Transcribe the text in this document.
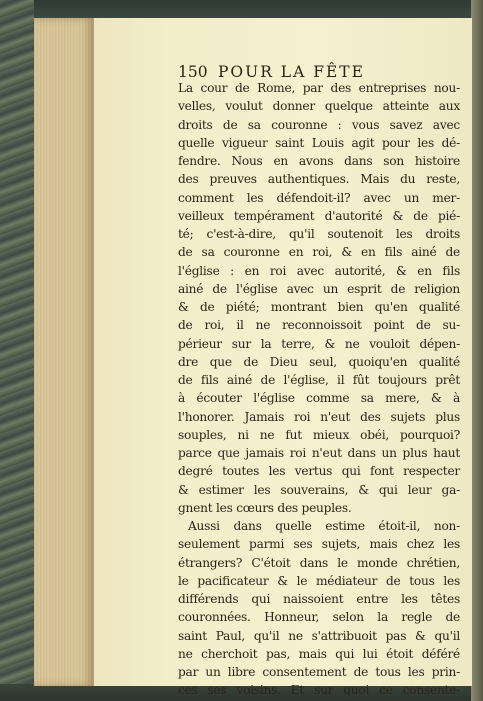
150 POUR LA FÊTE
La cour de Rome, par des entreprises nou-
velles, voulut donner quelque atteinte aux
droits de sa couronne : vous savez avec
quelle vigueur saint Louis agit pour les dé-
fendre. Nous en avons dans son histoire
des preuves authentiques. Mais du reste,
comment les défendoit-il? avec un mer-
veilleux tempérament d'autorité & de pié-
té; c'est-à-dire, qu'il soutenoit les droits
de sa couronne en roi, & en fils ainé de
l'église : en roi avec autorité, & en fils
ainé de l'église avec un esprit de religion
& de piété; montrant bien qu'en qualité
de roi, il ne reconnoissoit point de su-
périeur sur la terre, & ne vouloit dépen-
dre que de Dieu seul, quoiqu'en qualité
de fils ainé de l'église, il fût toujours prêt
à écouter l'église comme sa mere, & à
l'honorer. Jamais roi n'eut des sujets plus
souples, ni ne fut mieux obéi, pourquoi?
parce que jamais roi n'eut dans un plus haut
degré toutes les vertus qui font respecter
& estimer les souverains, & qui leur ga-
gnent les cœurs des peuples.
Aussi dans quelle estime étoit-il, non-
seulement parmi ses sujets, mais chez les
étrangers? C'étoit dans le monde chrétien,
le pacificateur & le médiateur de tous les
différends qui naissoient entre les têtes
couronnées. Honneur, selon la regle de
saint Paul, qu'il ne s'attribuoit pas & qu'il
ne cherchoit pas, mais qui lui étoit déféré
par un libre consentement de tous les prin-
ces ses voisins. Et sur quoi ce consente-
